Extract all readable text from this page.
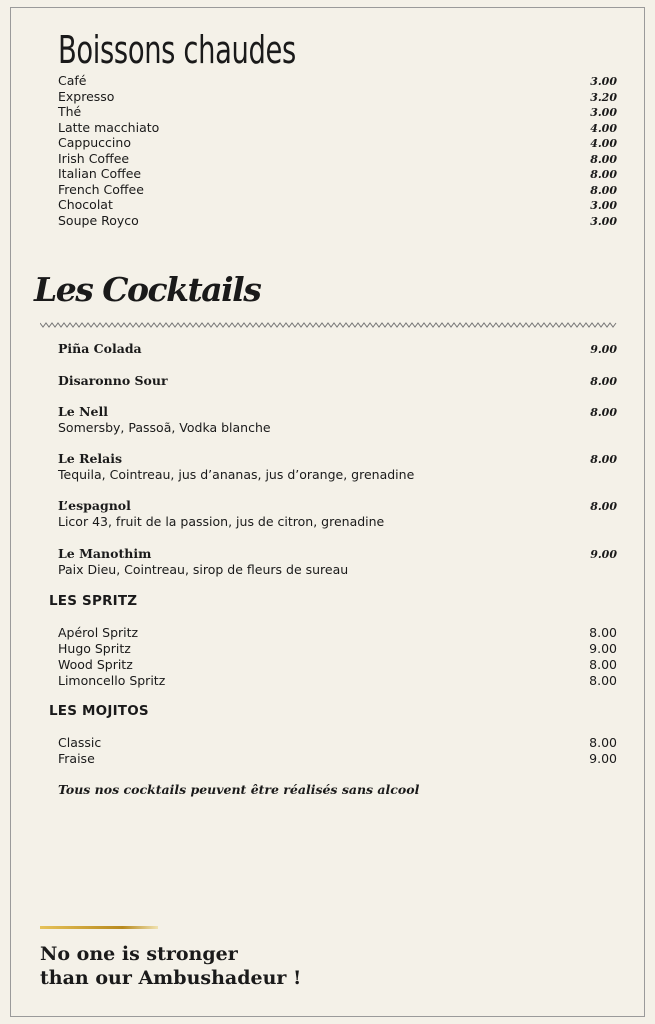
Boissons chaudes
Café	3.00
Expresso	3.20
Thé	3.00
Latte macchiato	4.00
Cappuccino	4.00
Irish Coffee	8.00
Italian Coffee	8.00
French Coffee	8.00
Chocolat	3.00
Soupe Royco	3.00
Les Cocktails
Piña Colada	9.00
Disaronno Sour	8.00
Le Nell	8.00
Somersby, Passoã, Vodka blanche
Le Relais	8.00
Tequila, Cointreau, jus d’ananas, jus d’orange, grenadine
L’espagnol	8.00
Licor 43, fruit de la passion, jus de citron, grenadine
Le Manothim	9.00
Paix Dieu, Cointreau, sirop de fleurs de sureau
LES SPRITZ
Apérol Spritz	8.00
Hugo Spritz	9.00
Wood Spritz	8.00
Limoncello Spritz	8.00
LES MOJITOS
Classic	8.00
Fraise	9.00
Tous nos cocktails peuvent être réalisés sans alcool

No one is stronger
than our Ambushadeur !
